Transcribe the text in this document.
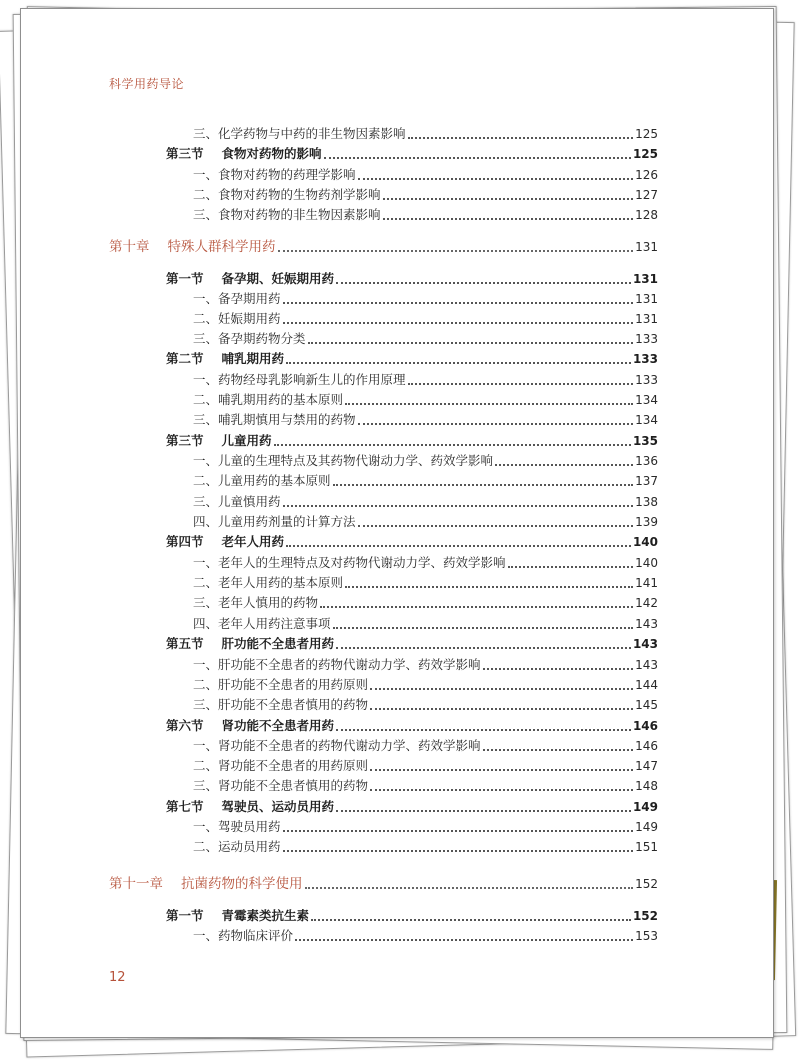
科学用药导论
三、化学药物与中药的非生物因素影响	125
第三节 食物对药物的影响	125
一、食物对药物的药理学影响	126
二、食物对药物的生物药剂学影响	127
三、食物对药物的非生物因素影响	128
第十章 特殊人群科学用药	131
第一节 备孕期、妊娠期用药	131
一、备孕期用药	131
二、妊娠期用药	131
三、备孕期药物分类	133
第二节 哺乳期用药	133
一、药物经母乳影响新生儿的作用原理	133
二、哺乳期用药的基本原则	134
三、哺乳期慎用与禁用的药物	134
第三节 儿童用药	135
一、儿童的生理特点及其药物代谢动力学、药效学影响	136
二、儿童用药的基本原则	137
三、儿童慎用药	138
四、儿童用药剂量的计算方法	139
第四节 老年人用药	140
一、老年人的生理特点及对药物代谢动力学、药效学影响	140
二、老年人用药的基本原则	141
三、老年人慎用的药物	142
四、老年人用药注意事项	143
第五节 肝功能不全患者用药	143
一、肝功能不全患者的药物代谢动力学、药效学影响	143
二、肝功能不全患者的用药原则	144
三、肝功能不全患者慎用的药物	145
第六节 肾功能不全患者用药	146
一、肾功能不全患者的药物代谢动力学、药效学影响	146
二、肾功能不全患者的用药原则	147
三、肾功能不全患者慎用的药物	148
第七节 驾驶员、运动员用药	149
一、驾驶员用药	149
二、运动员用药	151
第十一章 抗菌药物的科学使用	152
第一节 青霉素类抗生素	152
一、药物临床评价	153
12
